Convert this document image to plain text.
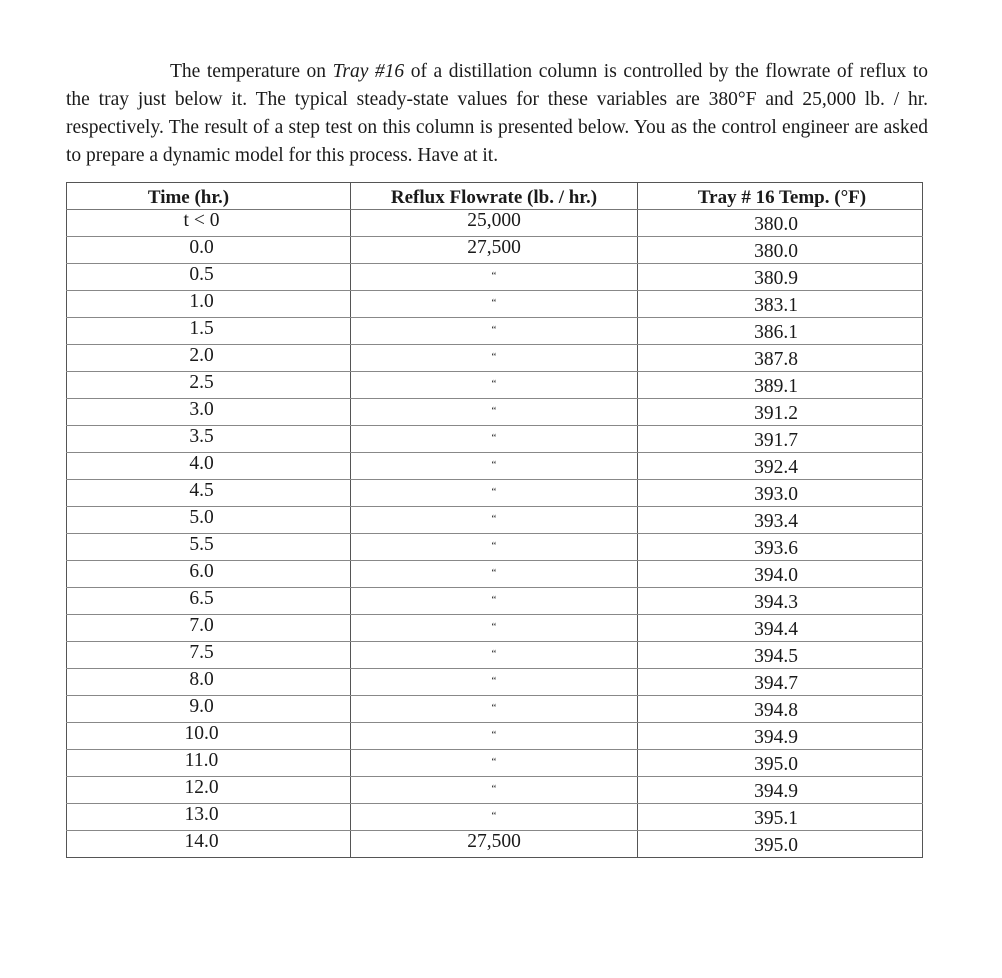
The temperature on Tray #16 of a distillation column is controlled by the flowrate of reflux to the tray just below it. The typical steady-state values for these variables are 380°F and 25,000 lb. / hr. respectively. The result of a step test on this column is presented below. You as the control engineer are asked to prepare a dynamic model for this process. Have at it.
Time (hr.)	Reflux Flowrate (lb. / hr.)	Tray # 16 Temp. (°F)
t < 0	25,000	380.0
0.0	27,500	380.0
0.5	“	380.9
1.0	“	383.1
1.5	“	386.1
2.0	“	387.8
2.5	“	389.1
3.0	“	391.2
3.5	“	391.7
4.0	“	392.4
4.5	“	393.0
5.0	“	393.4
5.5	“	393.6
6.0	“	394.0
6.5	“	394.3
7.0	“	394.4
7.5	“	394.5
8.0	“	394.7
9.0	“	394.8
10.0	“	394.9
11.0	“	395.0
12.0	“	394.9
13.0	“	395.1
14.0	27,500	395.0
